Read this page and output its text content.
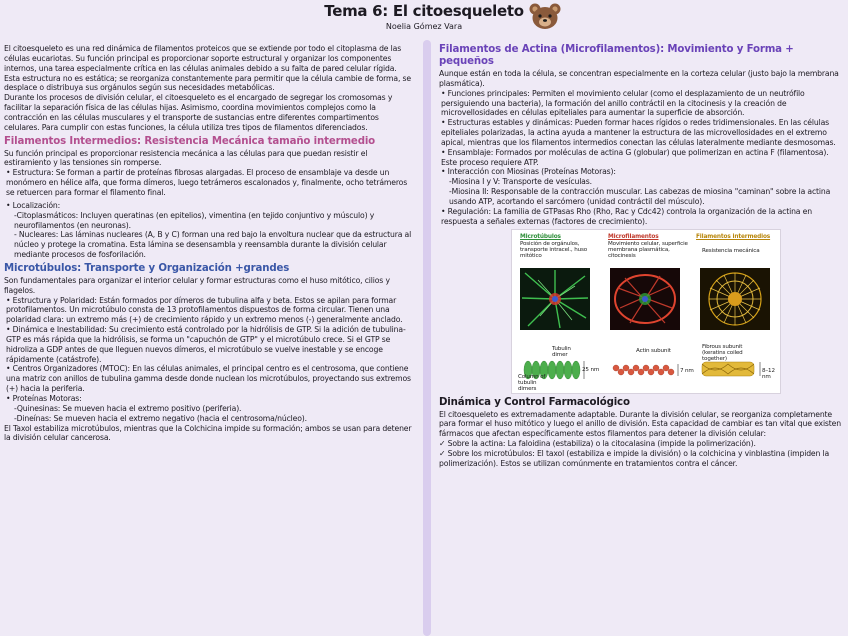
Tema 6: El citoesqueleto
Noelia Gómez Vara

El citoesqueleto es una red dinámica de filamentos proteicos que se extiende por todo el citoplasma de las células eucariotas. Su función principal es proporcionar soporte estructural y organizar los componentes internos, una tarea especialmente crítica en las células animales debido a su falta de pared celular rígida. Esta estructura no es estática; se reorganiza constantemente para permitir que la célula cambie de forma, se desplace o distribuya sus orgánulos según sus necesidades metabólicas.

Durante los procesos de división celular, el citoesqueleto es el encargado de segregar los cromosomas y facilitar la separación física de las células hijas. Asimismo, coordina movimientos complejos como la contracción en las células musculares y el transporte de sustancias entre diferentes compartimentos celulares. Para cumplir con estas funciones, la célula utiliza tres tipos de filamentos diferenciados.

Filamentos Intermedios: Resistencia Mecánica tamaño intermedio

Su función principal es proporcionar resistencia mecánica a las células para que puedan resistir el estiramiento y las tensiones sin romperse.

• Estructura: Se forman a partir de proteínas fibrosas alargadas. El proceso de ensamblaje va desde un monómero en hélice alfa, que forma dímeros, luego tetrámeros escalonados y, finalmente, ocho tetrámeros se retuercen para formar el filamento final.

• Localización:

-Citoplasmáticos: Incluyen queratinas (en epitelios), vimentina (en tejido conjuntivo y músculo) y neurofilamentos (en neuronas).

- Nucleares: Las láminas nucleares (A, B y C) forman una red bajo la envoltura nuclear que da estructura al núcleo y protege la cromatina. Esta lámina se desensambla y reensambla durante la división celular mediante procesos de fosforilación.

Microtúbulos: Transporte y Organización +grandes

Son fundamentales para organizar el interior celular y formar estructuras como el huso mitótico, cilios y flagelos.

• Estructura y Polaridad: Están formados por dímeros de tubulina alfa y beta. Estos se apilan para formar protofilamentos. Un microtúbulo consta de 13 protofilamentos dispuestos de forma circular. Tienen una polaridad clara: un extremo más (+) de crecimiento rápido y un extremo menos (-) generalmente anclado.

• Dinámica e Inestabilidad: Su crecimiento está controlado por la hidrólisis de GTP. Si la adición de tubulina-GTP es más rápida que la hidrólisis, se forma un "capuchón de GTP" y el microtúbulo crece. Si el GTP se hidroliza a GDP antes de que lleguen nuevos dímeros, el microtúbulo se vuelve inestable y se encoge rápidamente (catástrofe).

• Centros Organizadores (MTOC): En las células animales, el principal centro es el centrosoma, que contiene una matriz con anillos de tubulina gamma desde donde nuclean los microtúbulos, proyectando sus extremos (+) hacia la periferia.

• Proteínas Motoras:

-Quinesinas: Se mueven hacia el extremo positivo (periferia).

-Dineínas: Se mueven hacia el extremo negativo (hacia el centrosoma/núcleo).

El Taxol estabiliza microtúbulos, mientras que la Colchicina impide su formación; ambos se usan para detener la división celular cancerosa.

Filamentos de Actina (Microfilamentos): Movimiento y Forma + pequeños

Aunque están en toda la célula, se concentran especialmente en la corteza celular (justo bajo la membrana plasmática).

• Funciones principales: Permiten el movimiento celular (como el desplazamiento de un neutrófilo persiguiendo una bacteria), la formación del anillo contráctil en la citocinesis y la creación de microvellosidades en células epiteliales para aumentar la superficie de absorción.

• Estructuras estables y dinámicas: Pueden formar haces rígidos o redes tridimensionales. En las células epiteliales polarizadas, la actina ayuda a mantener la estructura de las microvellosidades en el extremo apical, mientras que los filamentos intermedios conectan las células lateralmente mediante desmosomas.

• Ensamblaje: Formados por moléculas de actina G (globular) que polimerizan en actina F (filamentosa). Este proceso requiere ATP.

• Interacción con Miosinas (Proteínas Motoras):

-Miosina I y V: Transporte de vesículas.

-Miosina II: Responsable de la contracción muscular. Las cabezas de miosina "caminan" sobre la actina usando ATP, acortando el sarcómero (unidad contráctil del músculo).

• Regulación: La familia de GTPasas Rho (Rho, Rac y Cdc42) controla la organización de la actina en respuesta a señales externas (factores de crecimiento).

Microtúbulos
Posición de orgánulos, transporte intracel., huso mitótico
Microfilamentos
Movimiento celular, superficie membrana plasmática, citocinesis
Filamentos intermedios
Resistencia mecánica
Column of tubulin dimers
Tubulin dimer
25 nm
Actin subunit
7 nm
Fibrous subunit (keratins coiled together)
8–12 nm
Dinámica y Control Farmacológico

El citoesqueleto es extremadamente adaptable. Durante la división celular, se reorganiza completamente para formar el huso mitótico y luego el anillo de división. Esta capacidad de cambiar es tan vital que existen fármacos que afectan específicamente estos filamentos para detener la división celular:

✓ Sobre la actina: La faloidina (estabiliza) o la citocalasina (impide la polimerización).

✓ Sobre los microtúbulos: El taxol (estabiliza e impide la división) o la colchicina y vinblastina (impiden la polimerización). Estos se utilizan comúnmente en tratamientos contra el cáncer.
